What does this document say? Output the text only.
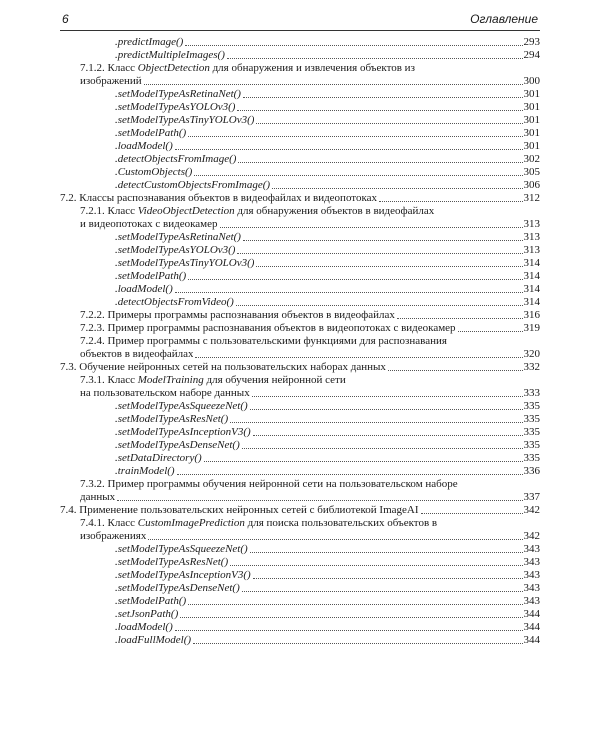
6	Оглавление
.predictImage()	293
.predictMultipleImages()	294
7.1.2. Класс ObjectDetection для обнаружения и извлечения объектов из
изображений	300
.setModelTypeAsRetinaNet()	301
.setModelTypeAsYOLOv3()	301
.setModelTypeAsTinyYOLOv3()	301
.setModelPath()	301
.loadModel()	301
.detectObjectsFromImage()	302
.CustomObjects()	305
.detectCustomObjectsFromImage()	306
7.2. Классы распознавания объектов в видеофайлах и видеопотоках	312
7.2.1. Класс VideoObjectDetection для обнаружения объектов в видеофайлах
и видеопотоках с видеокамер	313
.setModelTypeAsRetinaNet()	313
.setModelTypeAsYOLOv3()	313
.setModelTypeAsTinyYOLOv3()	314
.setModelPath()	314
.loadModel()	314
.detectObjectsFromVideo()	314
7.2.2. Примеры программы распознавания объектов в видеофайлах	316
7.2.3. Пример программы распознавания объектов в видеопотоках с видеокамер	319
7.2.4. Пример программы с пользовательскими функциями для распознавания
объектов в видеофайлах	320
7.3. Обучение нейронных сетей на пользовательских наборах данных	332
7.3.1. Класс ModelTraining для обучения нейронной сети
на пользовательском наборе данных	333
.setModelTypeAsSqueezeNet()	335
.setModelTypeAsResNet()	335
.setModelTypeAsInceptionV3()	335
.setModelTypeAsDenseNet()	335
.setDataDirectory()	335
.trainModel()	336
7.3.2. Пример программы обучения нейронной сети на пользовательском наборе
данных	337
7.4. Применение пользовательских нейронных сетей с библиотекой ImageAI	342
7.4.1. Класс CustomImagePrediction для поиска пользовательских объектов в
изображениях	342
.setModelTypeAsSqueezeNet()	343
.setModelTypeAsResNet()	343
.setModelTypeAsInceptionV3()	343
.setModelTypeAsDenseNet()	343
.setModelPath()	343
.setJsonPath()	344
.loadModel()	344
.loadFullModel()	344
